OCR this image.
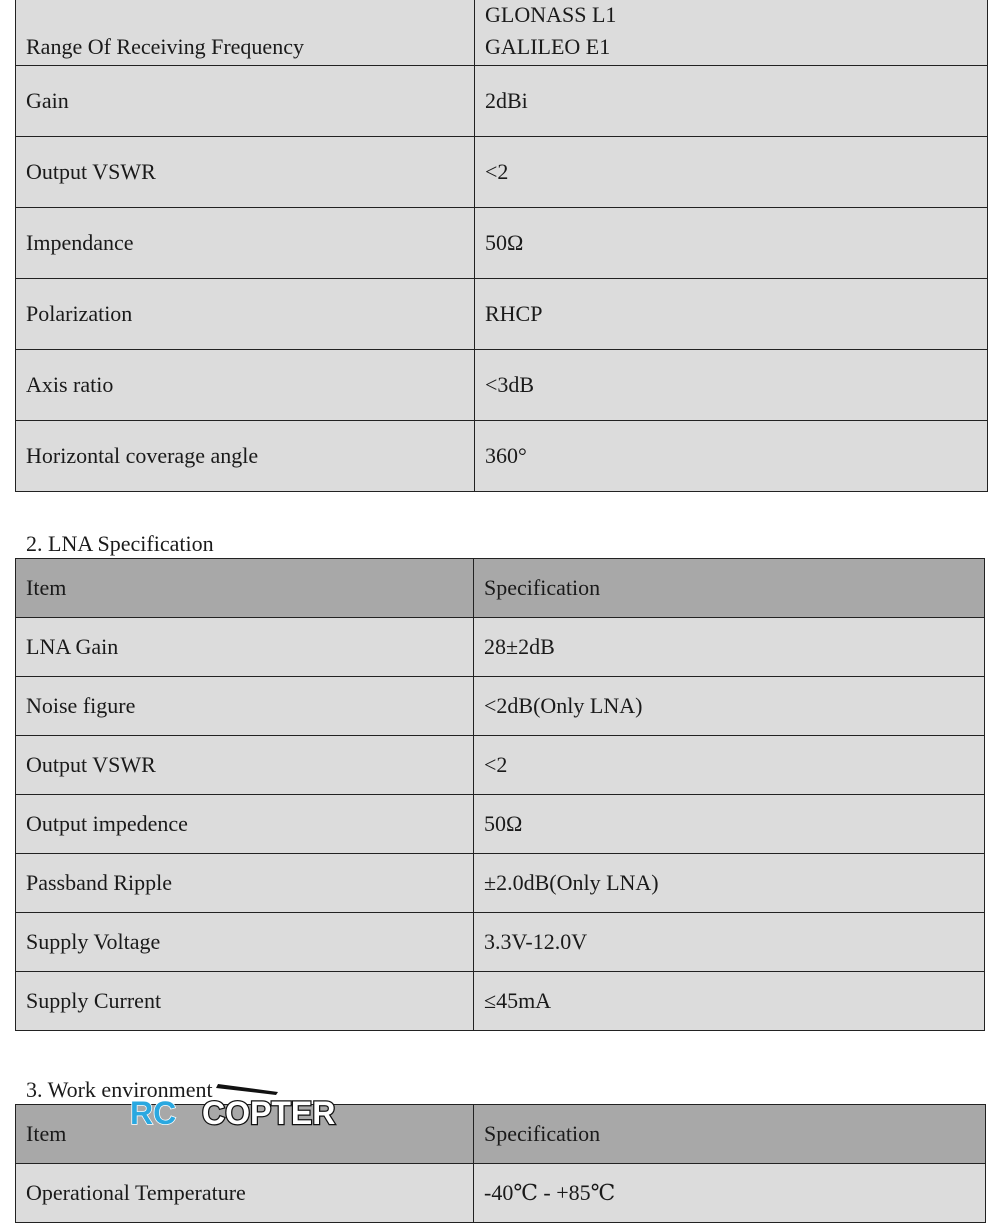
Range Of Receiving Frequency	GLONASS L1
GALILEO E1

Gain	2dBi
Output VSWR	<2
Impendance	50Ω
Polarization	RHCP
Axis ratio	<3dB
Horizontal coverage angle	360°
2. LNA Specification
Item	Specification
LNA Gain	28±2dB
Noise figure	<2dB(Only LNA)
Output VSWR	<2
Output impedence	50Ω
Passband Ripple	±2.0dB(Only LNA)
Supply Voltage	3.3V-12.0V
Supply Current	≤45mA
3. Work environment
Item	Specification
Operational Temperature	-40℃ - +85℃
RC COPTER
